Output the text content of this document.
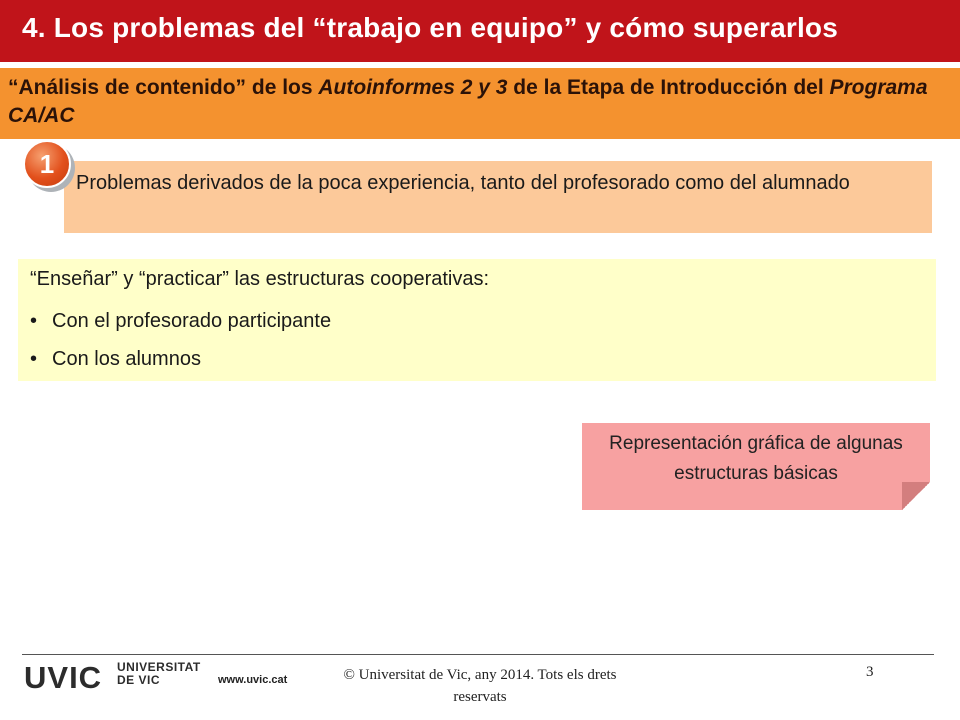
4. Los problemas del “trabajo en equipo” y cómo superarlos
“Análisis de contenido” de los Autoinformes 2 y 3 de la Etapa de Introducción del Programa CA/AC
Problemas derivados de la poca experiencia, tanto del profesorado como del alumnado
1
“Enseñar” y “practicar” las estructuras cooperativas:
• Con el profesorado participante
• Con los alumnos
Representación gráfica de algunas estructuras básicas
UVIC UNIVERSITAT
DE VIC	www.uvic.cat	© Universitat de Vic, any 2014. Tots els drets reservats
3
